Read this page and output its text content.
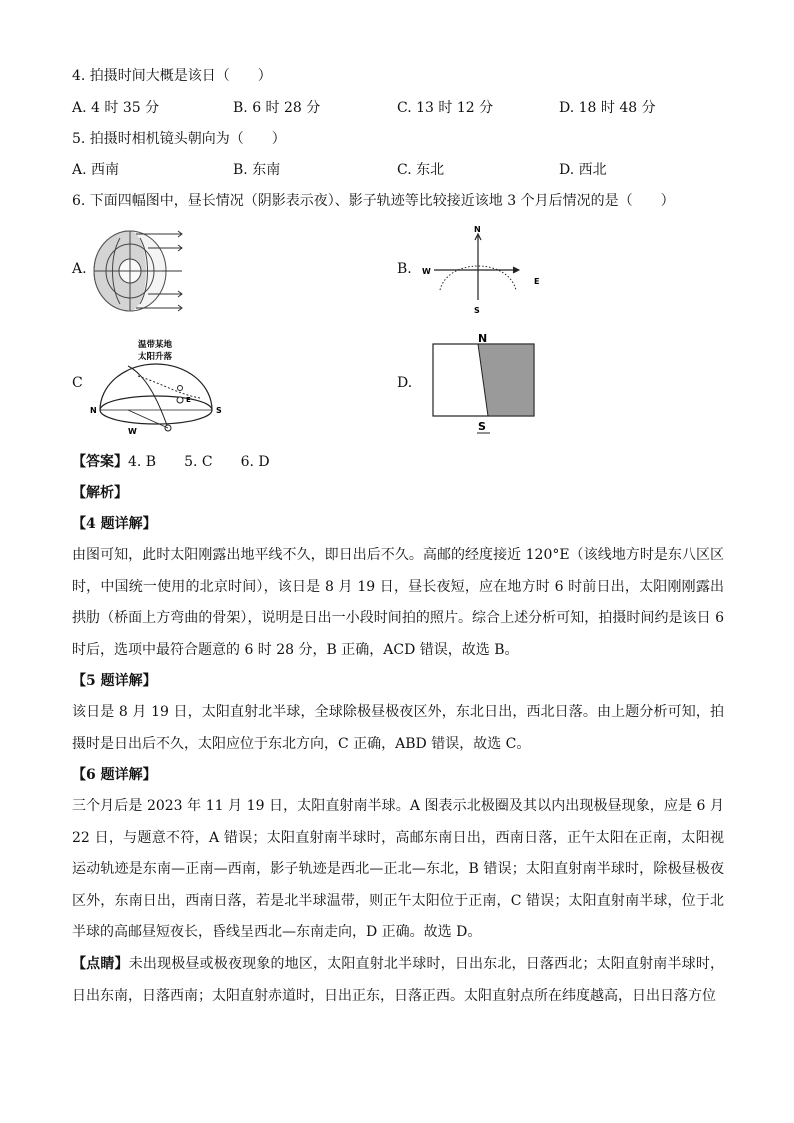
4. 拍摄时间大概是该日（　　）
A. 4 时 35 分	B. 6 时 28 分	C. 13 时 12 分	D. 18 时 48 分
5. 拍摄时相机镜头朝向为（　　）
A. 西南	B. 东南	C. 东北	D. 西北
6. 下面四幅图中，昼长情况（阴影表示夜）、影子轨迹等比较接近该地 3 个月后情况的是（　　）
A.	B.
N
S
W
E
C
温带某地
太阳升落
N	S
W
E
D.
N
S
【答案】4. B　　5. C　　6. D
【解析】
【4 题详解】
由图可知，此时太阳刚露出地平线不久，即日出后不久。高邮的经度接近 120°E（该线地方时是东八区区时，中国统一使用的北京时间），该日是 8 月 19 日，昼长夜短，应在地方时 6 时前日出，太阳刚刚露出拱肋（桥面上方弯曲的骨架），说明是日出一小段时间拍的照片。综合上述分析可知，拍摄时间约是该日 6 时后，选项中最符合题意的 6 时 28 分，B 正确，ACD 错误，故选 B。
【5 题详解】
该日是 8 月 19 日，太阳直射北半球，全球除极昼极夜区外，东北日出，西北日落。由上题分析可知，拍摄时是日出后不久，太阳应位于东北方向，C 正确，ABD 错误，故选 C。
【6 题详解】
三个月后是 2023 年 11 月 19 日，太阳直射南半球。A 图表示北极圈及其以内出现极昼现象，应是 6 月 22 日，与题意不符，A 错误；太阳直射南半球时，高邮东南日出，西南日落，正午太阳在正南，太阳视运动轨迹是东南—正南—西南，影子轨迹是西北—正北—东北，B 错误；太阳直射南半球时，除极昼极夜区外，东南日出，西南日落，若是北半球温带，则正午太阳位于正南，C 错误；太阳直射南半球，位于北半球的高邮昼短夜长，昏线呈西北—东南走向，D 正确。故选 D。
【点睛】未出现极昼或极夜现象的地区，太阳直射北半球时，日出东北，日落西北；太阳直射南半球时，日出东南，日落西南；太阳直射赤道时，日出正东，日落正西。太阳直射点所在纬度越高，日出日落方位
